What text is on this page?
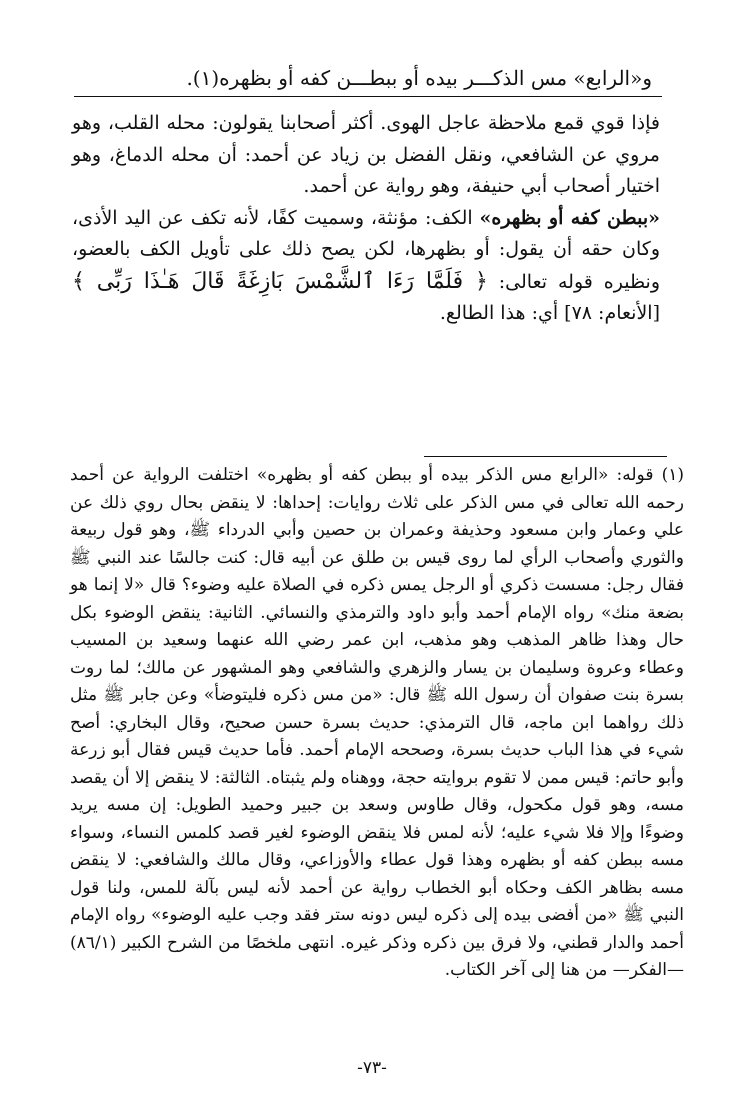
و«الرابع» مس الذكـــر بيده أو ببطـــن كفه أو بظهره(١).

فإذا قوي قمع ملاحظة عاجل الهوى. أكثر أصحابنا يقولون: محله القلب، وهو مروي عن الشافعي، ونقل الفضل بن زياد عن أحمد: أن محله الدماغ، وهو اختيار أصحاب أبي حنيفة، وهو رواية عن أحمد.

«ببطن كفه أو بظهره» الكف: مؤنثة، وسميت كفًا، لأنه تكف عن اليد الأذى، وكان حقه أن يقول: أو بظهرها، لكن يصح ذلك على تأويل الكف بالعضو، ونظيره قوله تعالى: ﴿ فَلَمَّا رَءَا ٱلشَّمْسَ بَازِغَةً قَالَ هَـٰذَا رَبِّى ﴾ [الأنعام: ٧٨] أي: هذا الطالع.

(١) قوله: «الرابع مس الذكر بيده أو ببطن كفه أو بظهره» اختلفت الرواية عن أحمد رحمه الله تعالى في مس الذكر على ثلاث روايات: إحداها: لا ينقض بحال روي ذلك عن علي وعمار وابن مسعود وحذيفة وعمران بن حصين وأبي الدرداء ﷺ، وهو قول ربيعة والثوري وأصحاب الرأي لما روى قيس بن طلق عن أبيه قال: كنت جالسًا عند النبي ﷺ فقال رجل: مسست ذكري أو الرجل يمس ذكره في الصلاة عليه وضوء؟ قال «لا إنما هو بضعة منك» رواه الإمام أحمد وأبو داود والترمذي والنسائي. الثانية: ينقض الوضوء بكل حال وهذا ظاهر المذهب وهو مذهب، ابن عمر رضي الله عنهما وسعيد بن المسيب وعطاء وعروة وسليمان بن يسار والزهري والشافعي وهو المشهور عن مالك؛ لما روت بسرة بنت صفوان أن رسول الله ﷺ قال: «من مس ذكره فليتوضأ» وعن جابر ﷺ مثل ذلك رواهما ابن ماجه، قال الترمذي: حديث بسرة حسن صحيح، وقال البخاري: أصح شيء في هذا الباب حديث بسرة، وصححه الإمام أحمد. فأما حديث قيس فقال أبو زرعة وأبو حاتم: قيس ممن لا تقوم بروايته حجة، ووهناه ولم يثبتاه. الثالثة: لا ينقض إلا أن يقصد مسه، وهو قول مكحول، وقال طاوس وسعد بن جبير وحميد الطويل: إن مسه يريد وضوءًا وإلا فلا شيء عليه؛ لأنه لمس فلا ينقض الوضوء لغير قصد كلمس النساء، وسواء مسه ببطن كفه أو بظهره وهذا قول عطاء والأوزاعي، وقال مالك والشافعي: لا ينقض مسه بظاهر الكف وحكاه أبو الخطاب رواية عن أحمد لأنه ليس بآلة للمس، ولنا قول النبي ﷺ «من أفضى بيده إلى ذكره ليس دونه ستر فقد وجب عليه الوضوء» رواه الإمام أحمد والدار قطني، ولا فرق بين ذكره وذكر غيره. انتهى ملخصًا من الشرح الكبير (٨٦/١) —الفكر— من هنا إلى آخر الكتاب.

-٧٣-
